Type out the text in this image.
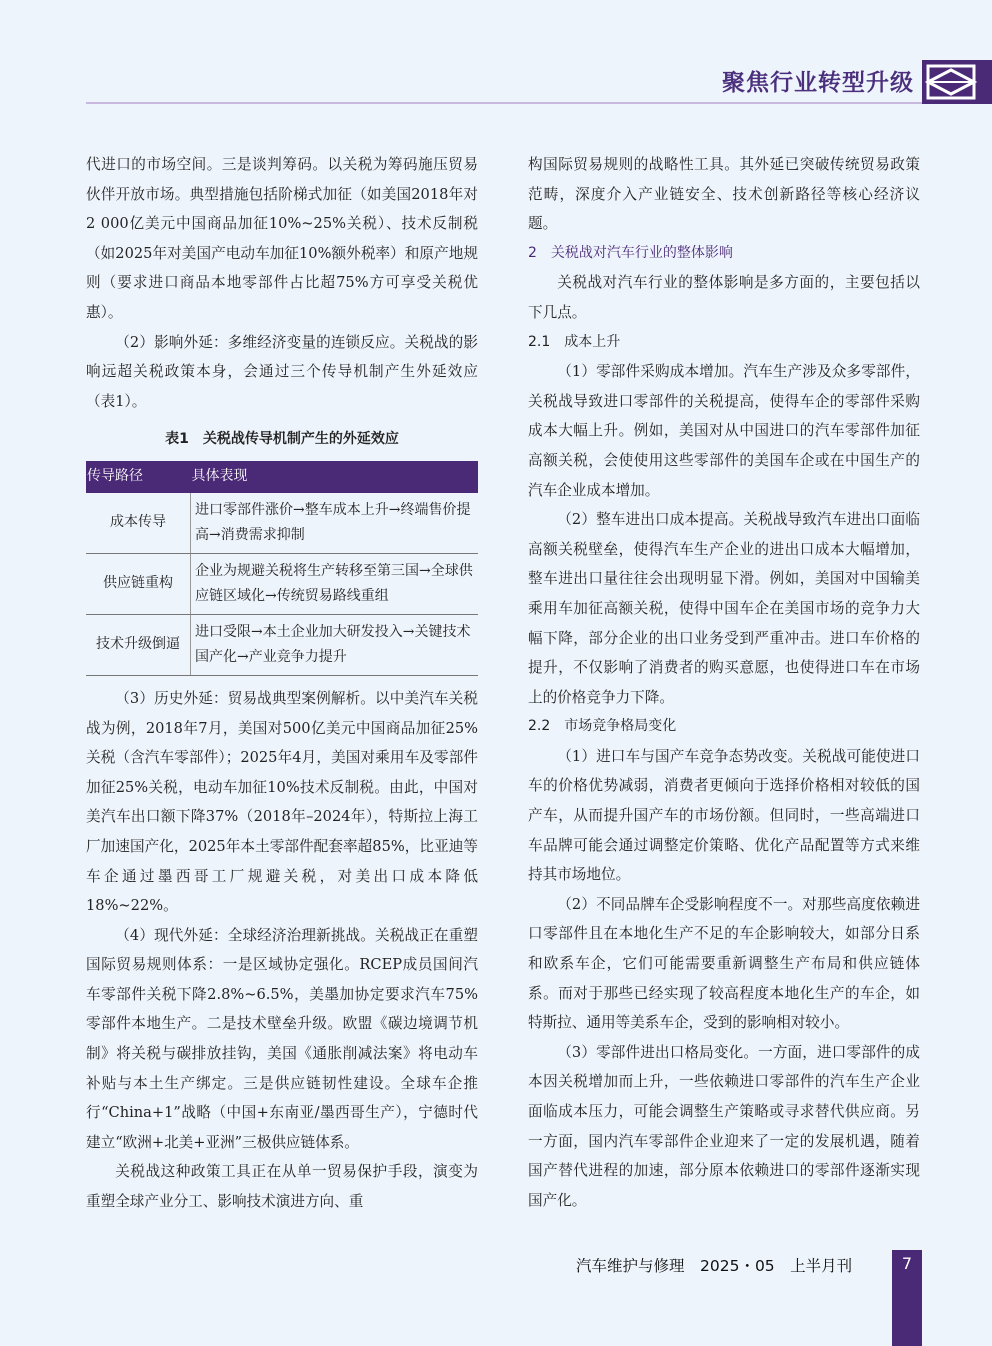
聚焦行业转型升级

代进口的市场空间。三是谈判筹码。以关税为筹码施压贸易伙伴开放市场。典型措施包括阶梯式加征（如美国2018年对2 000亿美元中国商品加征10%~25%关税）、技术反制税（如2025年对美国产电动车加征10%额外税率）和原产地规则（要求进口商品本地零部件占比超75%方可享受关税优惠）。

（2）影响外延：多维经济变量的连锁反应。关税战的影响远超关税政策本身，会通过三个传导机制产生外延效应（表1）。

表1　关税战传导机制产生的外延效应
传导路径	具体表现
成本传导	进口零部件涨价→整车成本上升→终端售价提高→消费需求抑制
供应链重构	企业为规避关税将生产转移至第三国→全球供应链区域化→传统贸易路线重组
技术升级倒逼	进口受限→本土企业加大研发投入→关键技术国产化→产业竞争力提升

（3）历史外延：贸易战典型案例解析。以中美汽车关税战为例，2018年7月，美国对500亿美元中国商品加征25%关税（含汽车零部件）；2025年4月，美国对乘用车及零部件加征25%关税，电动车加征10%技术反制税。由此，中国对美汽车出口额下降37%（2018年–2024年），特斯拉上海工厂加速国产化，2025年本土零部件配套率超85%，比亚迪等车企通过墨西哥工厂规避关税，对美出口成本降低18%~22%。

（4）现代外延：全球经济治理新挑战。关税战正在重塑国际贸易规则体系：一是区域协定强化。RCEP成员国间汽车零部件关税下降2.8%~6.5%，美墨加协定要求汽车75%零部件本地生产。二是技术壁垒升级。欧盟《碳边境调节机制》将关税与碳排放挂钩，美国《通胀削减法案》将电动车补贴与本土生产绑定。三是供应链韧性建设。全球车企推行“China+1”战略（中国+东南亚/墨西哥生产），宁德时代建立“欧洲+北美+亚洲”三极供应链体系。

关税战这种政策工具正在从单一贸易保护手段，演变为重塑全球产业分工、影响技术演进方向、重

构国际贸易规则的战略性工具。其外延已突破传统贸易政策范畴，深度介入产业链安全、技术创新路径等核心经济议题。

2　关税战对汽车行业的整体影响

关税战对汽车行业的整体影响是多方面的，主要包括以下几点。

2.1　成本上升

（1）零部件采购成本增加。汽车生产涉及众多零部件，关税战导致进口零部件的关税提高，使得车企的零部件采购成本大幅上升。例如，美国对从中国进口的汽车零部件加征高额关税，会使使用这些零部件的美国车企或在中国生产的汽车企业成本增加。

（2）整车进出口成本提高。关税战导致汽车进出口面临高额关税壁垒，使得汽车生产企业的进出口成本大幅增加，整车进出口量往往会出现明显下滑。例如，美国对中国输美乘用车加征高额关税，使得中国车企在美国市场的竞争力大幅下降，部分企业的出口业务受到严重冲击。进口车价格的提升，不仅影响了消费者的购买意愿，也使得进口车在市场上的价格竞争力下降。

2.2　市场竞争格局变化

（1）进口车与国产车竞争态势改变。关税战可能使进口车的价格优势减弱，消费者更倾向于选择价格相对较低的国产车，从而提升国产车的市场份额。但同时，一些高端进口车品牌可能会通过调整定价策略、优化产品配置等方式来维持其市场地位。

（2）不同品牌车企受影响程度不一。对那些高度依赖进口零部件且在本地化生产不足的车企影响较大，如部分日系和欧系车企，它们可能需要重新调整生产布局和供应链体系。而对于那些已经实现了较高程度本地化生产的车企，如特斯拉、通用等美系车企，受到的影响相对较小。

（3）零部件进出口格局变化。一方面，进口零部件的成本因关税增加而上升，一些依赖进口零部件的汽车生产企业面临成本压力，可能会调整生产策略或寻求替代供应商。另一方面，国内汽车零部件企业迎来了一定的发展机遇，随着国产替代进程的加速，部分原本依赖进口的零部件逐渐实现国产化。

汽车维护与修理　2025・05　上半月刊	7
